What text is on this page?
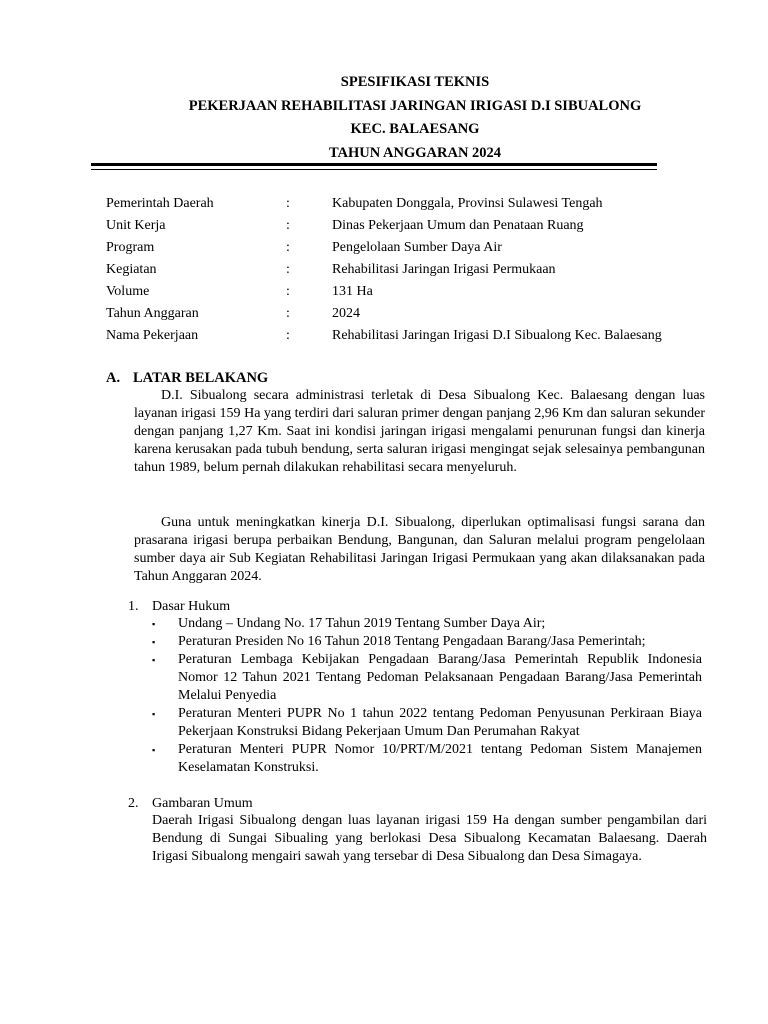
SPESIFIKASI TEKNIS
PEKERJAAN REHABILITASI JARINGAN IRIGASI D.I SIBUALONG
KEC. BALAESANG
TAHUN ANGGARAN 2024
Pemerintah Daerah	:	Kabupaten Donggala, Provinsi Sulawesi Tengah
Unit Kerja	:	Dinas Pekerjaan Umum dan Penataan Ruang
Program	:	Pengelolaan Sumber Daya Air
Kegiatan	:	Rehabilitasi Jaringan Irigasi Permukaan
Volume	:	131 Ha
Tahun Anggaran	:	2024
Nama Pekerjaan	:	Rehabilitasi Jaringan Irigasi D.I Sibualong Kec. Balaesang
A. LATAR BELAKANG

D.I. Sibualong secara administrasi terletak di Desa Sibualong Kec. Balaesang dengan luas layanan irigasi 159 Ha yang terdiri dari saluran primer dengan panjang 2,96 Km dan saluran sekunder dengan panjang 1,27 Km. Saat ini kondisi jaringan irigasi mengalami penurunan fungsi dan kinerja karena kerusakan pada tubuh bendung, serta saluran irigasi mengingat sejak selesainya pembangunan tahun 1989, belum pernah dilakukan rehabilitasi secara menyeluruh.

Guna untuk meningkatkan kinerja D.I. Sibualong, diperlukan optimalisasi fungsi sarana dan prasarana irigasi berupa perbaikan Bendung, Bangunan, dan Saluran melalui program pengelolaan sumber daya air Sub Kegiatan Rehabilitasi Jaringan Irigasi Permukaan yang akan dilaksanakan pada Tahun Anggaran 2024.

1. Dasar Hukum
▪ Undang – Undang No. 17 Tahun 2019 Tentang Sumber Daya Air;
▪ Peraturan Presiden No 16 Tahun 2018 Tentang Pengadaan Barang/Jasa Pemerintah;
▪ Peraturan Lembaga Kebijakan Pengadaan Barang/Jasa Pemerintah Republik Indonesia Nomor 12 Tahun 2021 Tentang Pedoman Pelaksanaan Pengadaan Barang/Jasa Pemerintah Melalui Penyedia
▪ Peraturan Menteri PUPR No 1 tahun 2022 tentang Pedoman Penyusunan Perkiraan Biaya Pekerjaan Konstruksi Bidang Pekerjaan Umum Dan Perumahan Rakyat
▪ Peraturan Menteri PUPR Nomor 10/PRT/M/2021 tentang Pedoman Sistem Manajemen Keselamatan Konstruksi.
2. Gambaran Umum

Daerah Irigasi Sibualong dengan luas layanan irigasi 159 Ha dengan sumber pengambilan dari Bendung di Sungai Sibualing yang berlokasi Desa Sibualong Kecamatan Balaesang. Daerah Irigasi Sibualong mengairi sawah yang tersebar di Desa Sibualong dan Desa Simagaya.
